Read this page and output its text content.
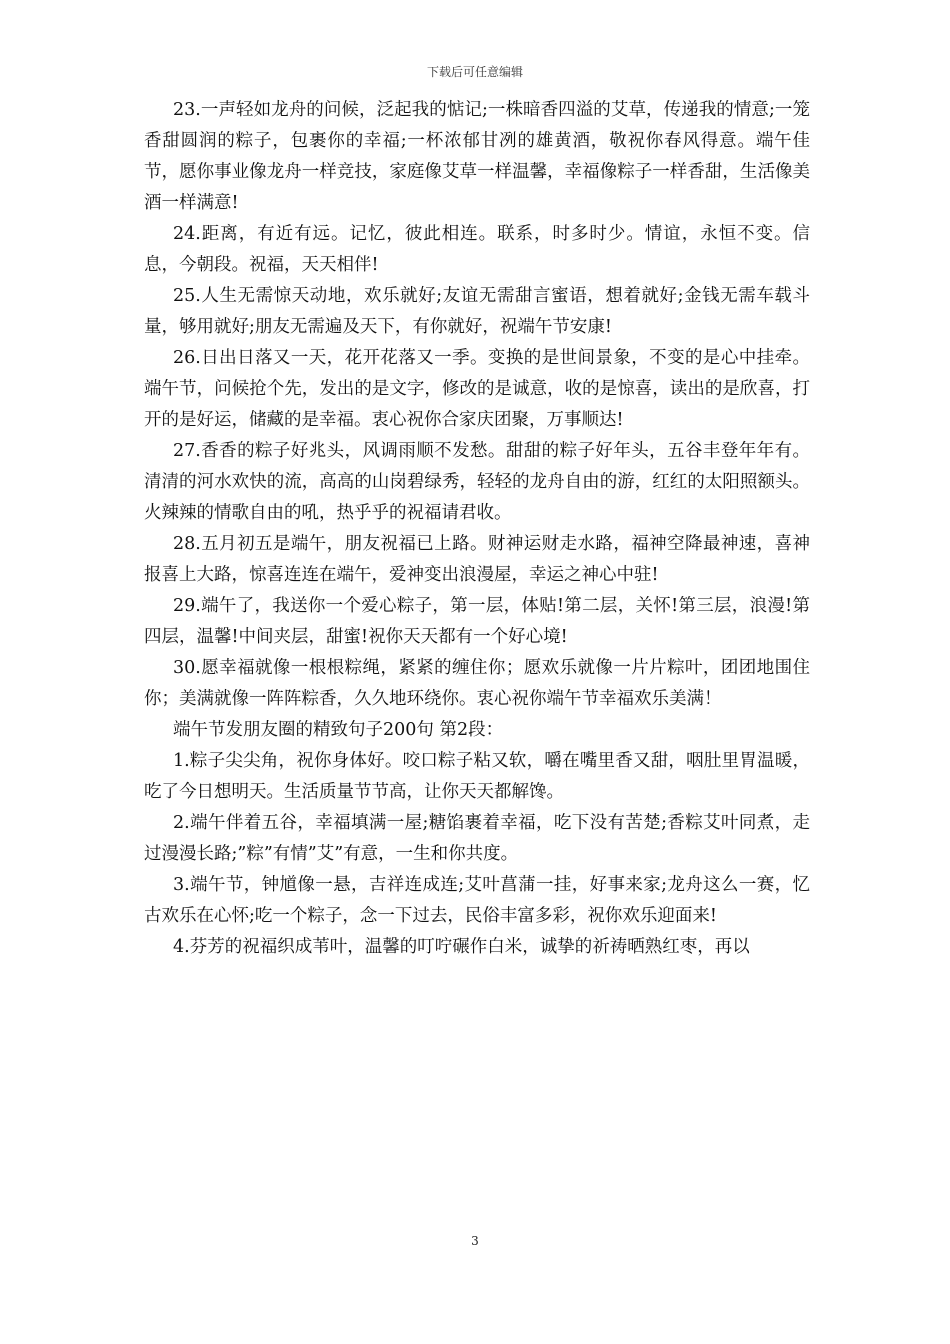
下载后可任意编辑

23.一声轻如龙舟的问候，泛起我的惦记;一株暗香四溢的艾草，传递我的情意;一笼香甜圆润的粽子，包裹你的幸福;一杯浓郁甘冽的雄黄酒，敬祝你春风得意。端午佳节，愿你事业像龙舟一样竞技，家庭像艾草一样温馨，幸福像粽子一样香甜，生活像美酒一样满意!

24.距离，有近有远。记忆，彼此相连。联系，时多时少。情谊，永恒不变。信息，今朝段。祝福，天天相伴!

25.人生无需惊天动地，欢乐就好;友谊无需甜言蜜语，想着就好;金钱无需车载斗量，够用就好;朋友无需遍及天下，有你就好，祝端午节安康!

26.日出日落又一天，花开花落又一季。变换的是世间景象，不变的是心中挂牵。端午节，问候抢个先，发出的是文字，修改的是诚意，收的是惊喜，读出的是欣喜，打开的是好运，储藏的是幸福。衷心祝你合家庆团聚，万事顺达!

27.香香的粽子好兆头，风调雨顺不发愁。甜甜的粽子好年头，五谷丰登年年有。清清的河水欢快的流，高高的山岗碧绿秀，轻轻的龙舟自由的游，红红的太阳照额头。火辣辣的情歌自由的吼，热乎乎的祝福请君收。

28.五月初五是端午，朋友祝福已上路。财神运财走水路，福神空降最神速，喜神报喜上大路，惊喜连连在端午，爱神变出浪漫屋，幸运之神心中驻!

29.端午了，我送你一个爱心粽子，第一层，体贴!第二层，关怀!第三层，浪漫!第四层，温馨!中间夹层，甜蜜!祝你天天都有一个好心境!

30.愿幸福就像一根根粽绳，紧紧的缠住你；愿欢乐就像一片片粽叶，团团地围住你；美满就像一阵阵粽香，久久地环绕你。衷心祝你端午节幸福欢乐美满！

端午节发朋友圈的精致句子200句 第2段：

1.粽子尖尖角，祝你身体好。咬口粽子粘又软，嚼在嘴里香又甜，咽肚里胃温暖，吃了今日想明天。生活质量节节高，让你天天都解馋。

2.端午伴着五谷，幸福填满一屋;糖馅裹着幸福，吃下没有苦楚;香粽艾叶同煮，走过漫漫长路;”粽”有情”艾”有意，一生和你共度。

3.端午节，钟馗像一悬，吉祥连成连;艾叶菖蒲一挂，好事来家;龙舟这么一赛，忆古欢乐在心怀;吃一个粽子，念一下过去，民俗丰富多彩，祝你欢乐迎面来!

4.芬芳的祝福织成苇叶，温馨的叮咛碾作白米，诚挚的祈祷晒熟红枣，再以

3
